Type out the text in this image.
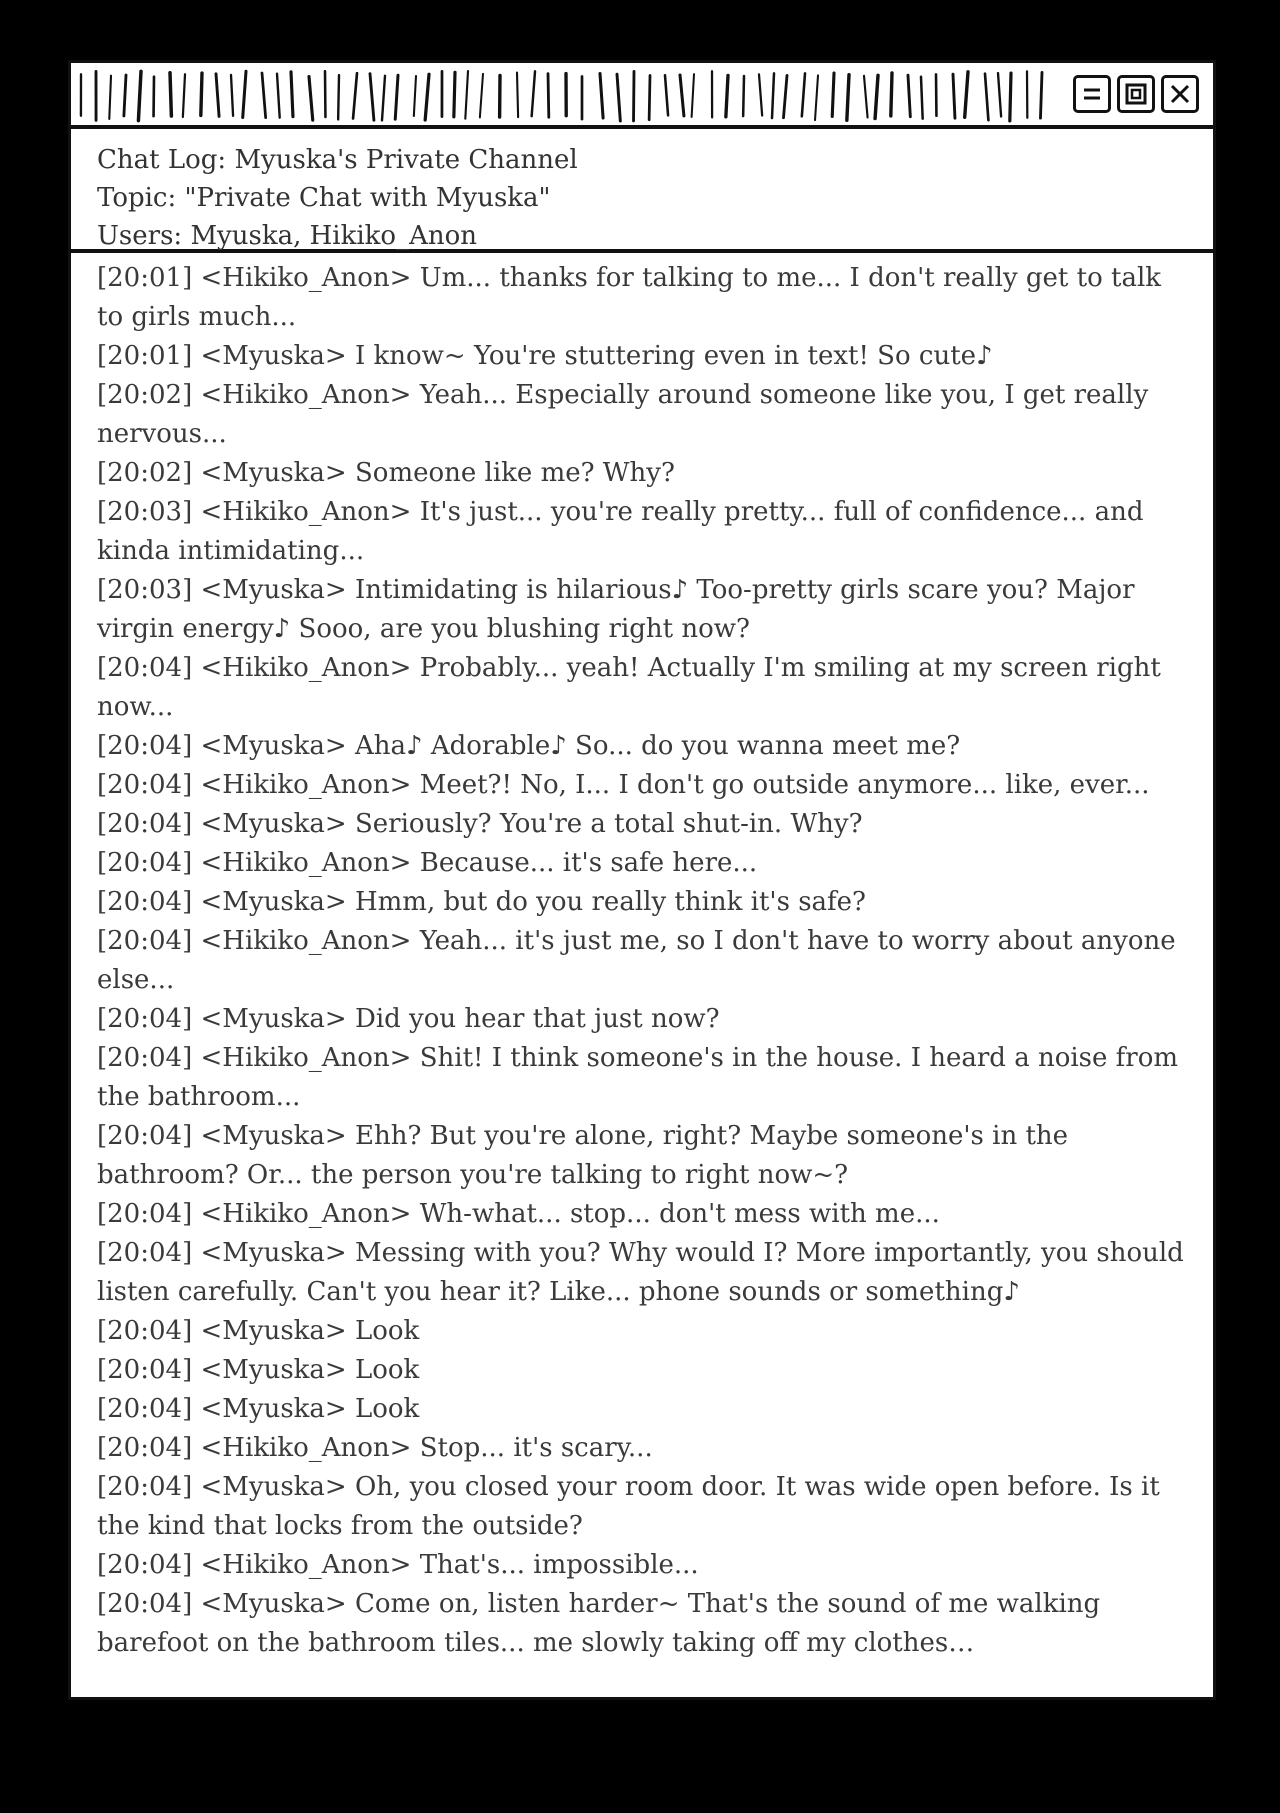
Chat Log: Myuska's Private Channel
Topic: "Private Chat with Myuska"
Users: Myuska, Hikiko_Anon
[20:01] <Hikiko_Anon> Um... thanks for talking to me... I don't really get to talk to girls much...
[20:01] <Myuska> I know~ You're stuttering even in text! So cute♪
[20:02] <Hikiko_Anon> Yeah... Especially around someone like you, I get really nervous...
[20:02] <Myuska> Someone like me? Why?
[20:03] <Hikiko_Anon> It's just... you're really pretty... full of confidence... and kinda intimidating...
[20:03] <Myuska> Intimidating is hilarious♪ Too-pretty girls scare you? Major virgin energy♪ Sooo, are you blushing right now?
[20:04] <Hikiko_Anon> Probably... yeah! Actually I'm smiling at my screen right now...
[20:04] <Myuska> Aha♪ Adorable♪ So... do you wanna meet me?
[20:04] <Hikiko_Anon> Meet?! No, I... I don't go outside anymore... like, ever...
[20:04] <Myuska> Seriously? You're a total shut-in. Why?
[20:04] <Hikiko_Anon> Because... it's safe here...
[20:04] <Myuska> Hmm, but do you really think it's safe?
[20:04] <Hikiko_Anon> Yeah... it's just me, so I don't have to worry about anyone else...
[20:04] <Myuska> Did you hear that just now?
[20:04] <Hikiko_Anon> Shit! I think someone's in the house. I heard a noise from the bathroom...
[20:04] <Myuska> Ehh? But you're alone, right? Maybe someone's in the bathroom? Or... the person you're talking to right now~?
[20:04] <Hikiko_Anon> Wh-what... stop... don't mess with me...
[20:04] <Myuska> Messing with you? Why would I? More importantly, you should listen carefully. Can't you hear it? Like... phone sounds or something♪
[20:04] <Myuska> Look
[20:04] <Myuska> Look
[20:04] <Myuska> Look
[20:04] <Hikiko_Anon> Stop... it's scary...
[20:04] <Myuska> Oh, you closed your room door. It was wide open before. Is it the kind that locks from the outside?
[20:04] <Hikiko_Anon> That's... impossible...
[20:04] <Myuska> Come on, listen harder~ That's the sound of me walking barefoot on the bathroom tiles... me slowly taking off my clothes…
